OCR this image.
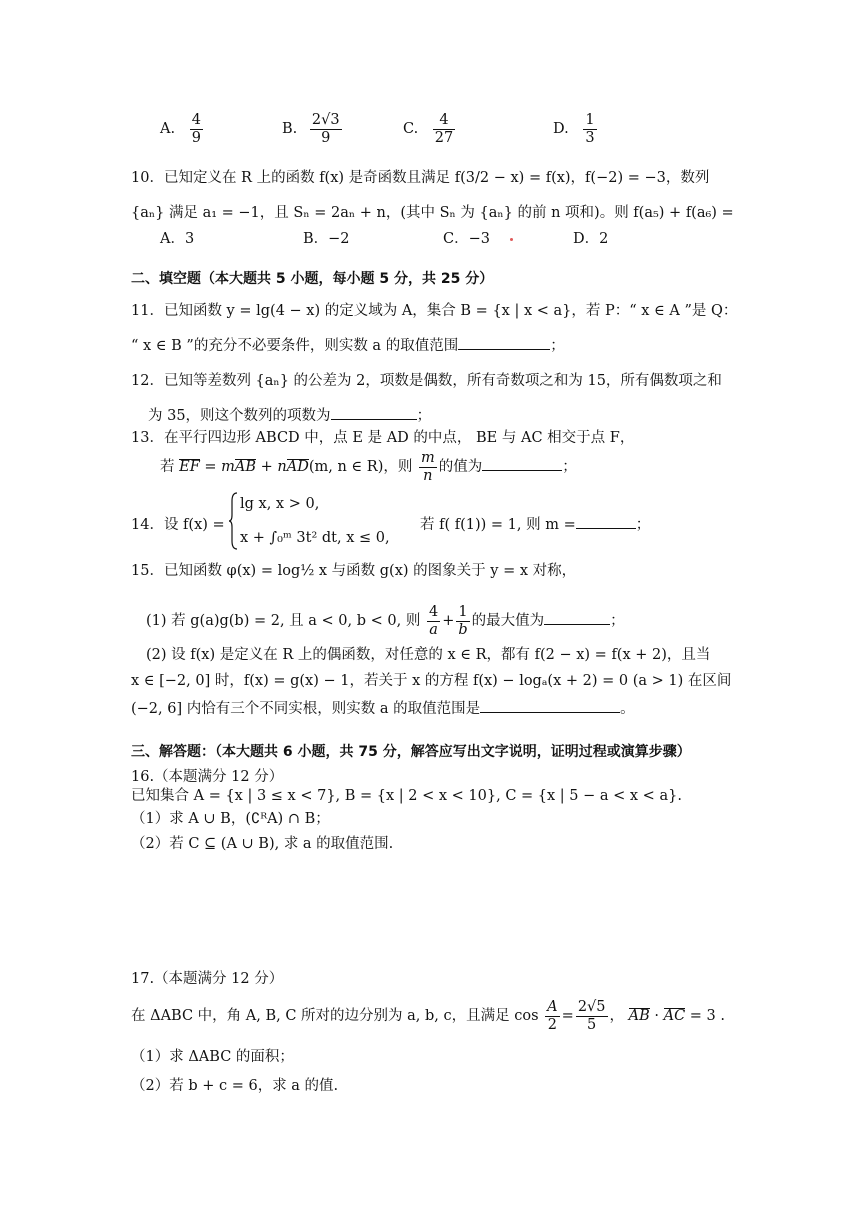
A. $\frac{4}{9}$	B. $\frac{2√3}{9}$	C. $\frac{4}{27}$	D. $\frac{1}{3}$
10．已知定义在 R 上的函数 f(x) 是奇函数且满足 f(3/2 − x) = f(x)，f(−2) = −3，数列
{aₙ} 满足 a₁ = −1，且 Sₙ = 2aₙ + n，(其中 Sₙ 为 {aₙ} 的前 n 项和)。则 f(a₅) + f(a₆) =
A．3	B．−2	C．−3	D．2
二、填空题（本大题共 5 小题，每小题 5 分，共 25 分）
11．已知函数 y = lg(4 − x) 的定义域为 A，集合 B = {x | x < a}，若 P：“ x ∈ A ”是 Q：
“ x ∈ B ”的充分不必要条件，则实数 a 的取值范围	；
12．已知等差数列 {aₙ} 的公差为 2，项数是偶数，所有奇数项之和为 15，所有偶数项之和
为 35，则这个数列的项数为	；
13．在平行四边形 ABCD 中，点 E 是 AD 的中点， BE 与 AC 相交于点 F，
若 EF = mAB + nAD(m, n ∈ R)，则 $\frac{m}{n}$ 的值为	；
14．设 f(x) =
lg x, x > 0,
x + ∫₀ᵐ 3t² dt, x ≤ 0,
若 f( f(1)) = 1, 则 m =	；
15．已知函数 φ(x) = log½ x 与函数 g(x) 的图象关于 y = x 对称，
(1) 若 g(a)g(b) = 2, 且 a < 0, b < 0, 则 $\frac{4}{a} + \frac{1}{b}$ 的最大值为	；
(2) 设 f(x) 是定义在 R 上的偶函数，对任意的 x ∈ R，都有 f(2 − x) = f(x + 2)，且当
x ∈ [−2, 0] 时，f(x) = g(x) − 1，若关于 x 的方程 f(x) − logₐ(x + 2) = 0 (a > 1) 在区间
(−2, 6] 内恰有三个不同实根，则实数 a 的取值范围是	。
三、解答题：（本大题共 6 小题，共 75 分，解答应写出文字说明，证明过程或演算步骤）
16.（本题满分 12 分）
已知集合 A = {x | 3 ≤ x < 7}, B = {x | 2 < x < 10}, C = {x | 5 − a < x < a}.
（1）求 A ∪ B，(∁ᴿA) ∩ B；
（2）若 C ⊆ (A ∪ B), 求 a 的取值范围.
17.（本题满分 12 分）
在 ΔABC 中，角 A, B, C 所对的边分别为 a, b, c，且满足 $\cos \frac{A}{2} = \frac{2√5}{5}$ ， AB · AC = 3 .
（1）求 ΔABC 的面积；
（2）若 b + c = 6，求 a 的值.
